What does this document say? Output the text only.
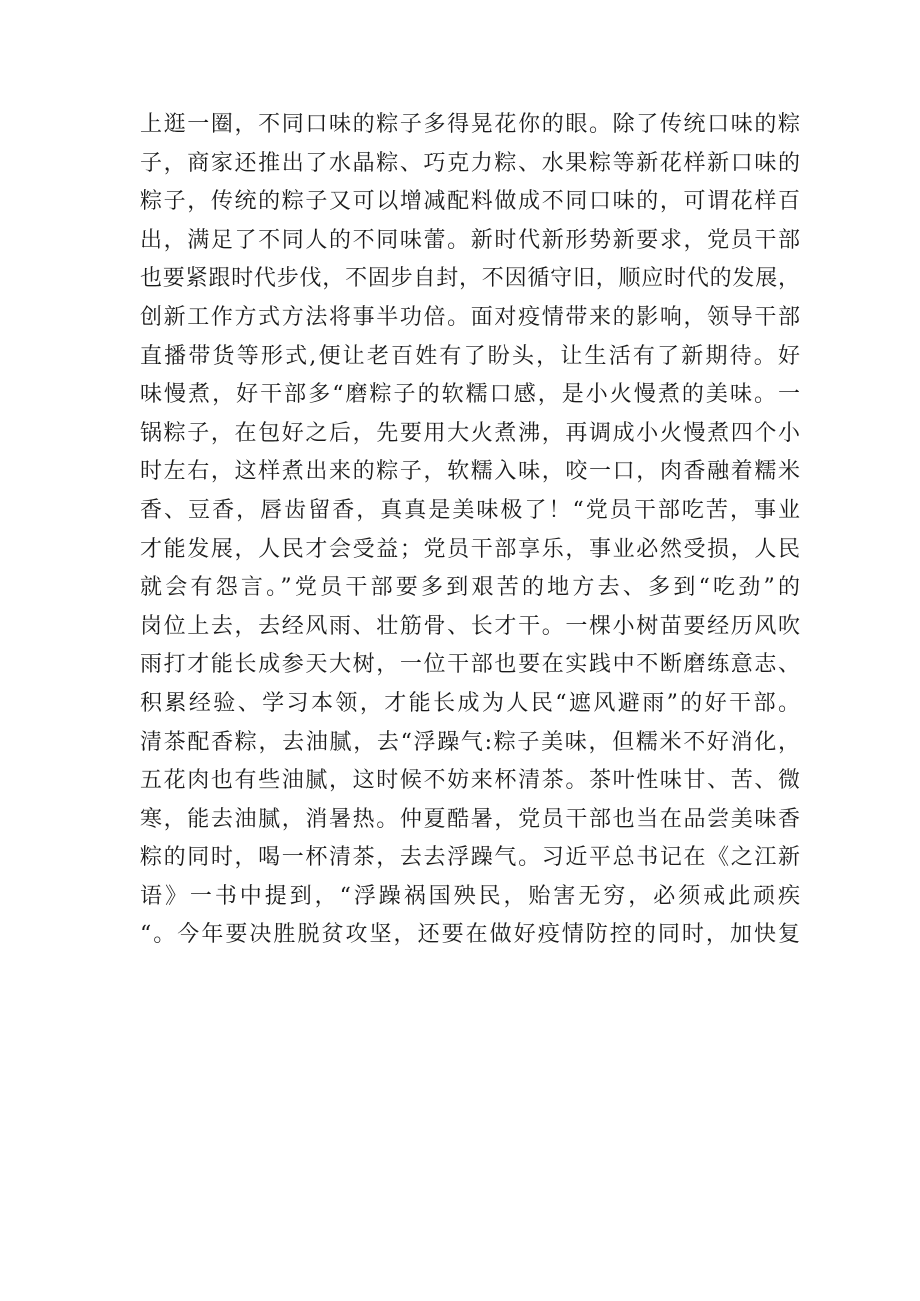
上逛一圈，不同口味的粽子多得晃花你的眼。除了传统口味的粽
子，商家还推出了水晶粽、巧克力粽、水果粽等新花样新口味的
粽子，传统的粽子又可以增减配料做成不同口味的，可谓花样百
出，满足了不同人的不同味蕾。新时代新形势新要求，党员干部
也要紧跟时代步伐，不固步自封，不因循守旧，顺应时代的发展，
创新工作方式方法将事半功倍。面对疫情带来的影响，领导干部
直播带货等形式,便让老百姓有了盼头，让生活有了新期待。好
味慢煮，好干部多“磨粽子的软糯口感，是小火慢煮的美味。一
锅粽子，在包好之后，先要用大火煮沸，再调成小火慢煮四个小
时左右，这样煮出来的粽子，软糯入味，咬一口，肉香融着糯米
香、豆香，唇齿留香，真真是美味极了！“党员干部吃苦，事业
才能发展，人民才会受益；党员干部享乐，事业必然受损，人民
就会有怨言。”党员干部要多到艰苦的地方去、多到“吃劲”的
岗位上去，去经风雨、壮筋骨、长才干。一棵小树苗要经历风吹
雨打才能长成参天大树，一位干部也要在实践中不断磨练意志、
积累经验、学习本领，才能长成为人民“遮风避雨”的好干部。
清茶配香粽，去油腻，去“浮躁气:粽子美味，但糯米不好消化，
五花肉也有些油腻，这时候不妨来杯清茶。茶叶性味甘、苦、微
寒，能去油腻，消暑热。仲夏酷暑，党员干部也当在品尝美味香
粽的同时，喝一杯清茶，去去浮躁气。习近平总书记在《之江新
语》一书中提到，“浮躁祸国殃民，贻害无穷，必须戒此顽疾
“。今年要决胜脱贫攻坚，还要在做好疫情防控的同时，加快复
